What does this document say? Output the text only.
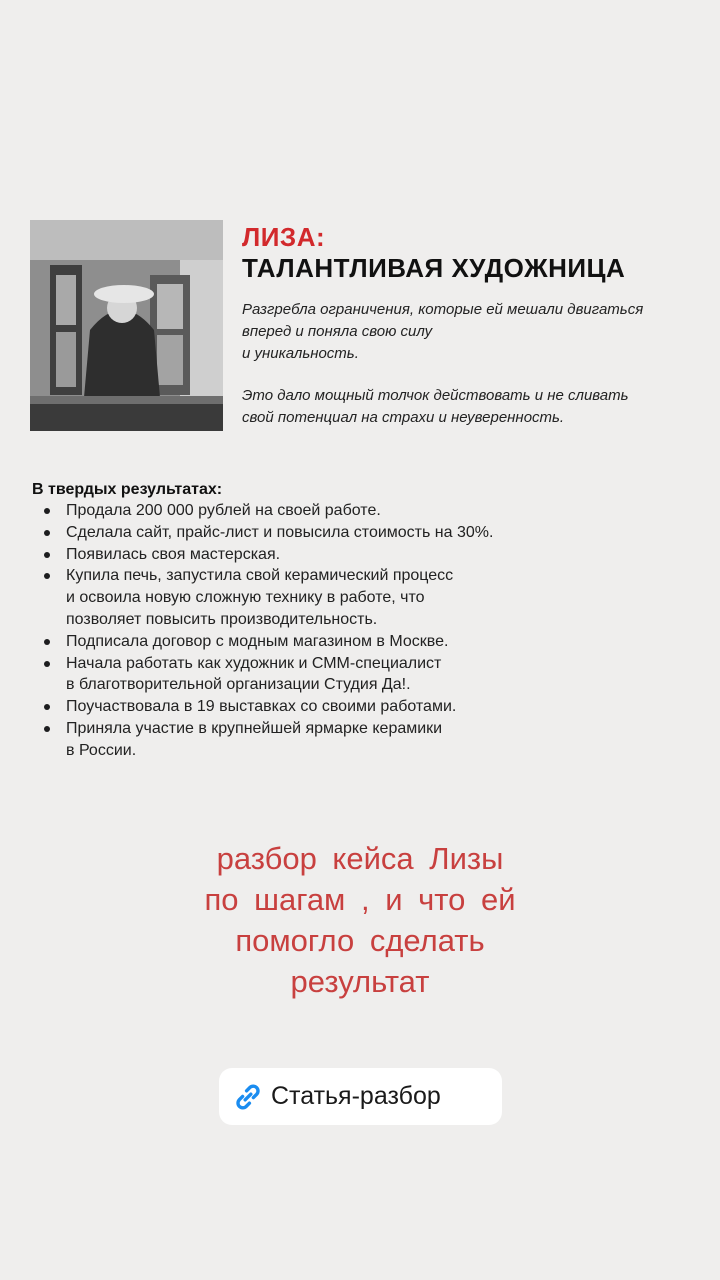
ЛИЗА:
ТАЛАНТЛИВАЯ ХУДОЖНИЦА
Разгребла ограничения, которые ей мешали двигаться
вперед и поняла свою силу
и уникальность.
Это дало мощный толчок действовать и не сливать
свой потенциал на страхи и неуверенность.
В твердых результатах:
Продала 200 000 рублей на своей работе.
Сделала сайт, прайс-лист и повысила стоимость на 30%.
Появилась своя мастерская.
Купила печь, запустила свой керамический процесс
и освоила новую сложную технику в работе, что
позволяет повысить производительность.
Подписала договор с модным магазином в Москве.
Начала работать как художник и СММ-специалист
в благотворительной организации Студия Да!.
Поучаствовала в 19 выставках со своими работами.
Приняла участие в крупнейшей ярмарке керамики
в России.
разбор кейса Лизы
по шагам , и что ей
помогло сделать
результат
Статья-разбор
